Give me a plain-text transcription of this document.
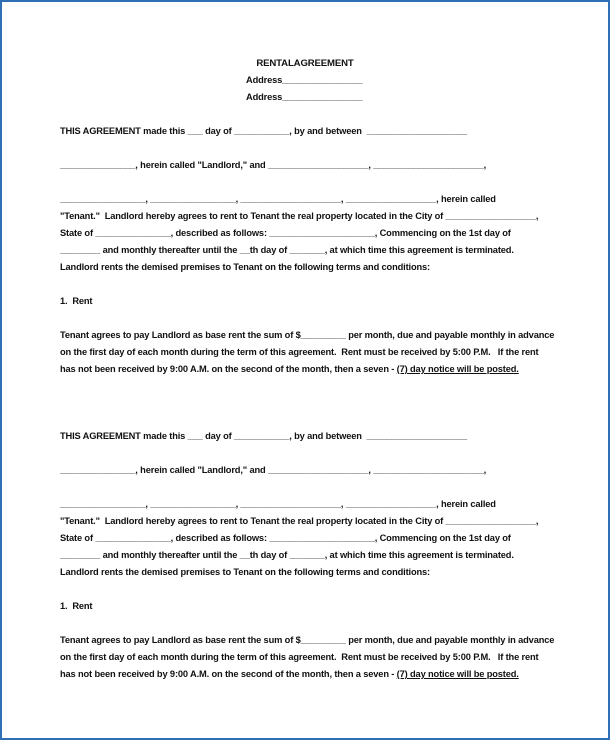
RENTALAGREEMENT
Address________________
Address________________
THIS AGREEMENT made this ___ day of ___________, by and between  ____________________
_______________, herein called "Landlord," and ____________________, ______________________,
_________________, _________________, ____________________, __________________, herein called
"Tenant."  Landlord hereby agrees to rent to Tenant the real property located in the City of __________________,
State of _______________, described as follows: _____________________, Commencing on the 1st day of
________ and monthly thereafter until the __th day of _______, at which time this agreement is terminated.
Landlord rents the demised premises to Tenant on the following terms and conditions:
1.  Rent
Tenant agrees to pay Landlord as base rent the sum of $_________ per month, due and payable monthly in advance
on the first day of each month during the term of this agreement.  Rent must be received by 5:00 P.M.   If the rent
has not been received by 9:00 A.M. on the second of the month, then a seven - (7) day notice will be posted.
THIS AGREEMENT made this ___ day of ___________, by and between  ____________________
_______________, herein called "Landlord," and ____________________, ______________________,
_________________, _________________, ____________________, __________________, herein called
"Tenant."  Landlord hereby agrees to rent to Tenant the real property located in the City of __________________,
State of _______________, described as follows: _____________________, Commencing on the 1st day of
________ and monthly thereafter until the __th day of _______, at which time this agreement is terminated.
Landlord rents the demised premises to Tenant on the following terms and conditions:
1.  Rent
Tenant agrees to pay Landlord as base rent the sum of $_________ per month, due and payable monthly in advance
on the first day of each month during the term of this agreement.  Rent must be received by 5:00 P.M.   If the rent
has not been received by 9:00 A.M. on the second of the month, then a seven - (7) day notice will be posted.
